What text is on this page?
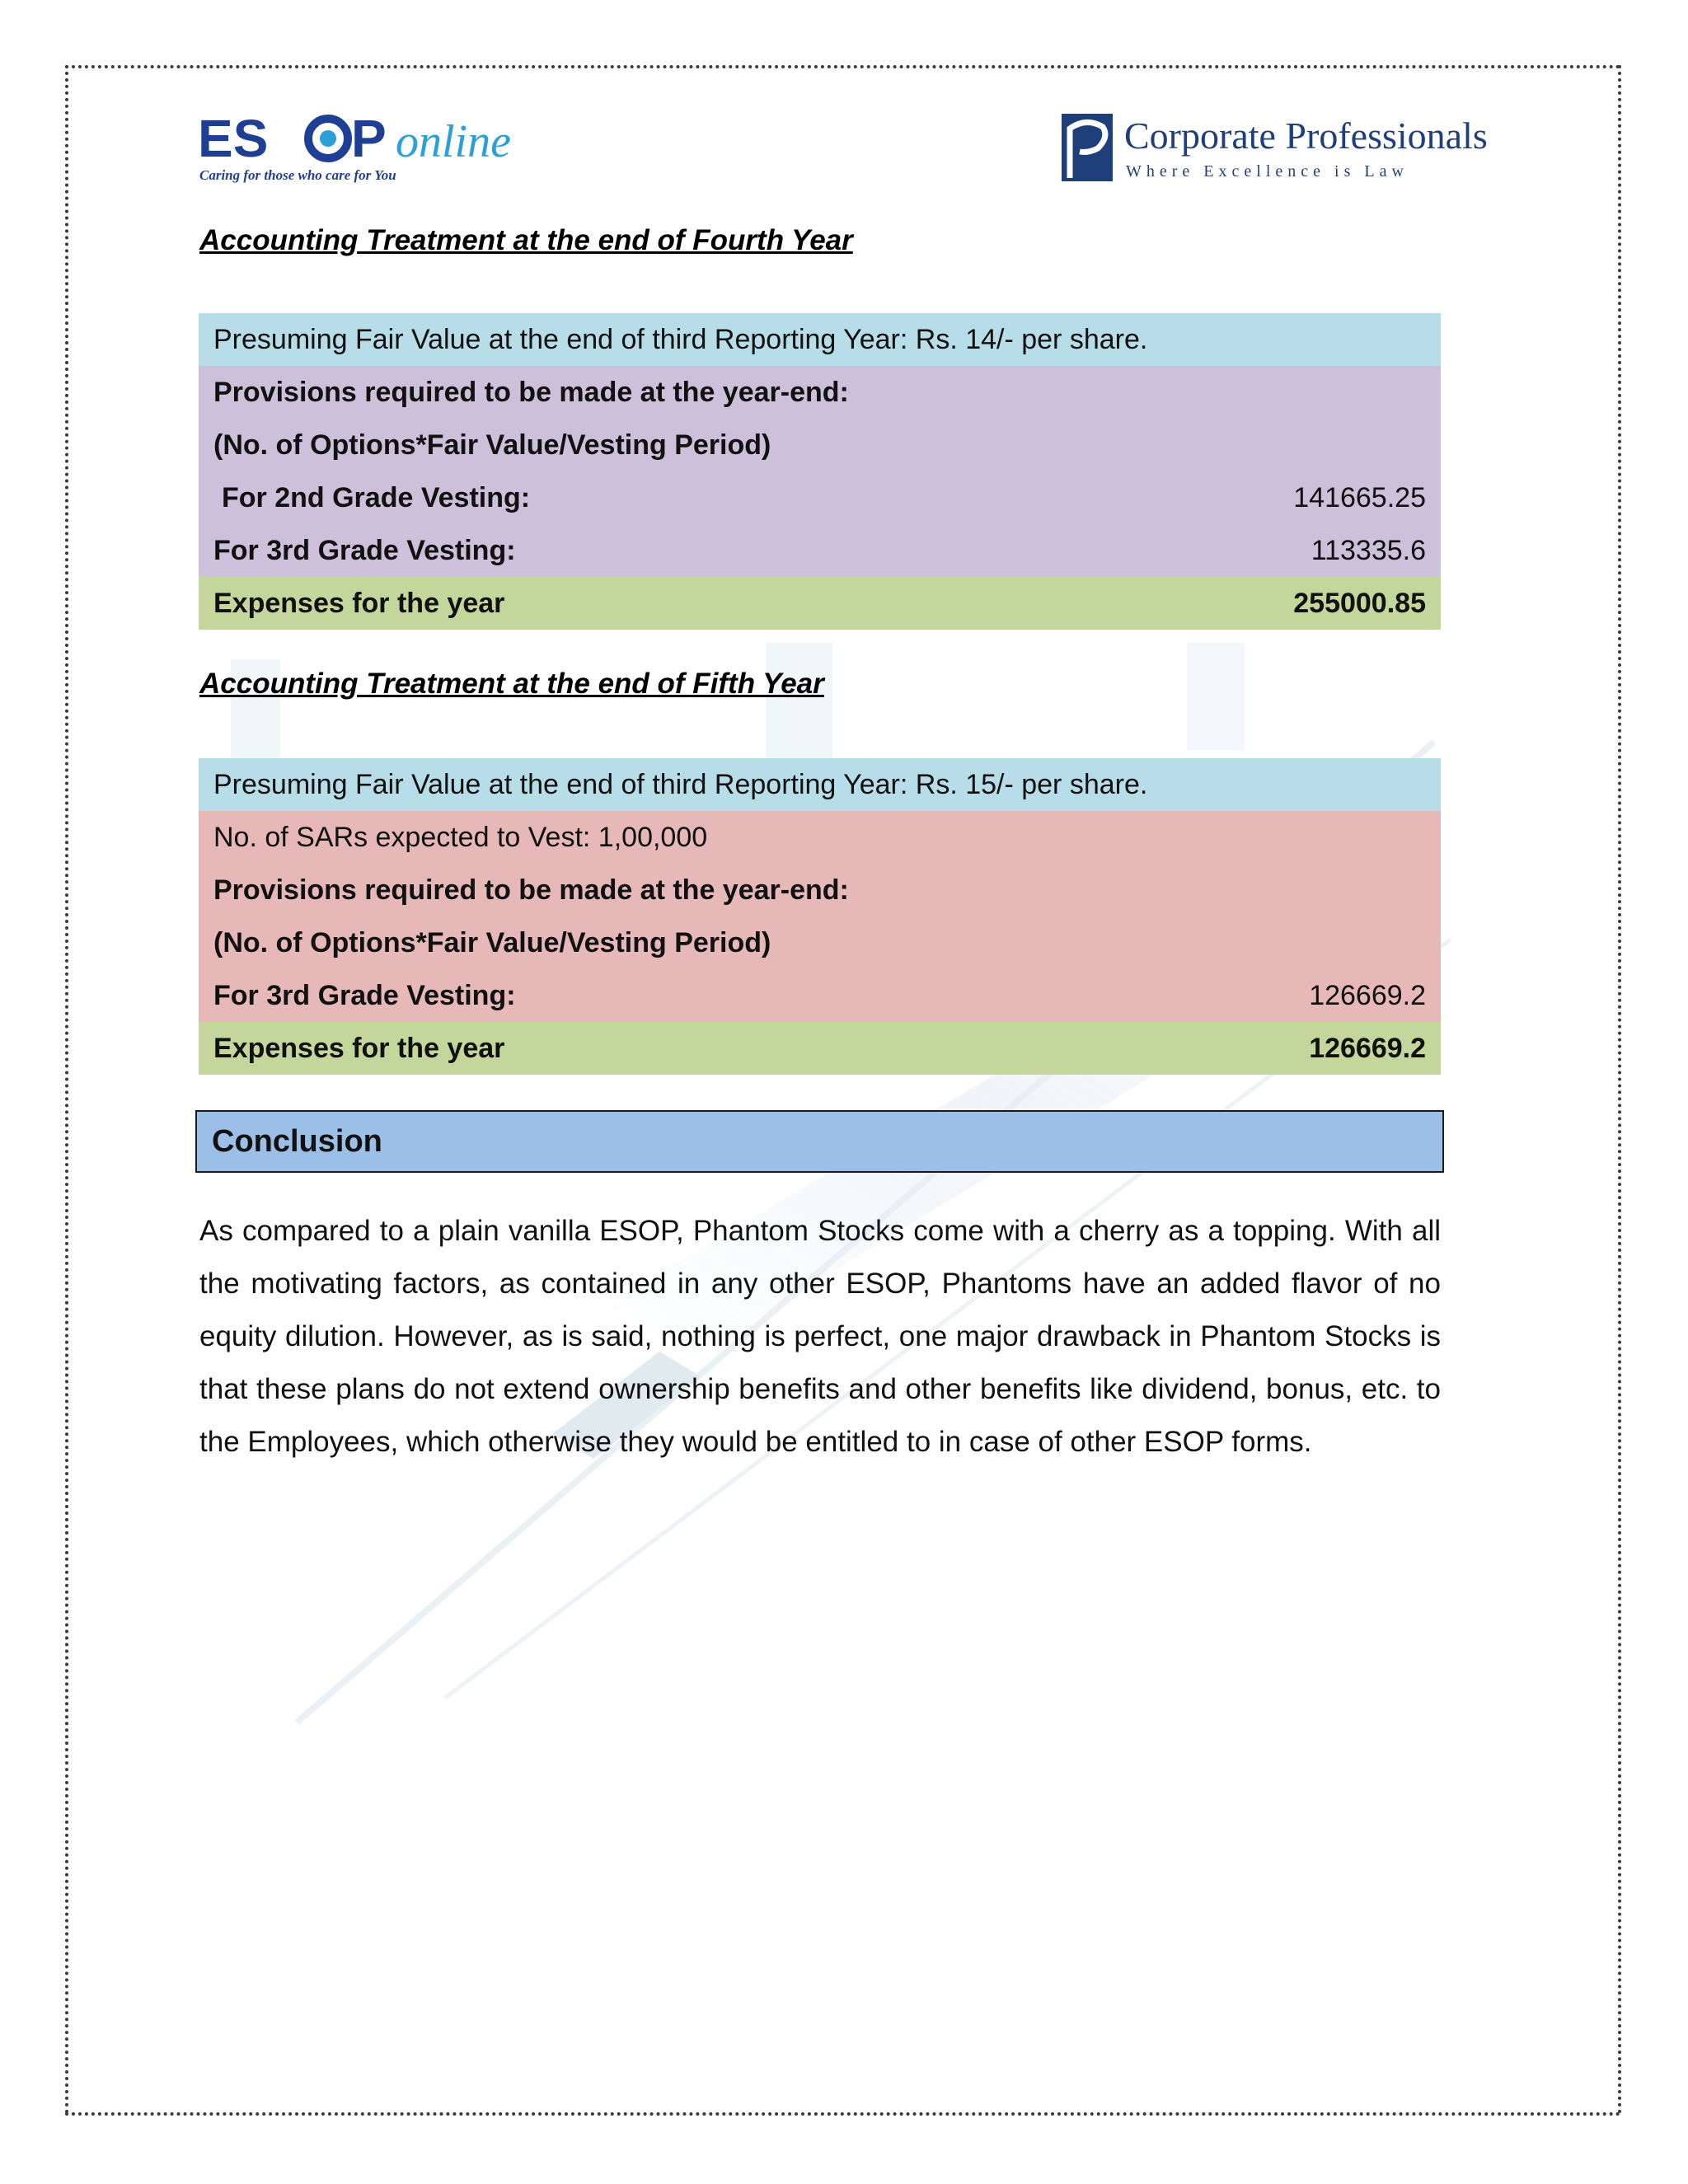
ES P online
Caring for those who care for You
Corporate Professionals
Where Excellence is Law
Accounting Treatment at the end of Fourth Year
Presuming Fair Value at the end of third Reporting Year: Rs. 14/- per share.
Provisions required to be made at the year-end:
(No. of Options*Fair Value/Vesting Period)
For 2nd Grade Vesting:	141665.25
For 3rd Grade Vesting:	113335.6
Expenses for the year	255000.85
Accounting Treatment at the end of Fifth Year
Presuming Fair Value at the end of third Reporting Year: Rs. 15/- per share.
No. of SARs expected to Vest: 1,00,000
Provisions required to be made at the year-end:
(No. of Options*Fair Value/Vesting Period)
For 3rd Grade Vesting:	126669.2
Expenses for the year	126669.2
Conclusion
As compared to a plain vanilla ESOP, Phantom Stocks come with a cherry as a topping. With all the motivating factors, as contained in any other ESOP, Phantoms have an added flavor of no equity dilution. However, as is said, nothing is perfect, one major drawback in Phantom Stocks is that these plans do not extend ownership benefits and other benefits like dividend, bonus, etc. to the Employees, which otherwise they would be entitled to in case of other ESOP forms.
